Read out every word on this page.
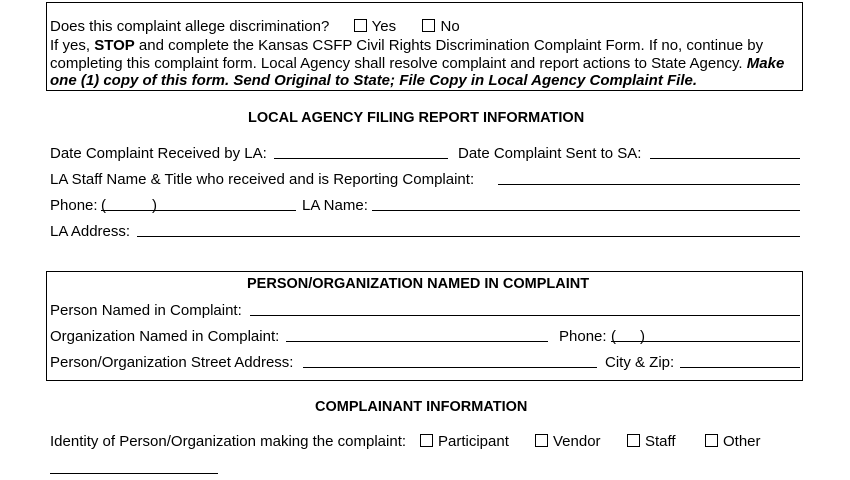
Does this complaint allege discrimination?	Yes	No
If yes, STOP and complete the Kansas CSFP Civil Rights Discrimination Complaint Form. If no, continue by
completing this complaint form. Local Agency shall resolve complaint and report actions to State Agency. Make
one (1) copy of this form. Send Original to State; File Copy in Local Agency Complaint File.
LOCAL AGENCY FILING REPORT INFORMATION
Date Complaint Received by LA:	Date Complaint Sent to SA:
LA Staff Name & Title who received and is Reporting Complaint:
Phone: (	)	LA Name:
LA Address:
PERSON/ORGANIZATION NAMED IN COMPLAINT
Person Named in Complaint:
Organization Named in Complaint:	Phone: ( )
Person/Organization Street Address:	City & Zip:
COMPLAINANT INFORMATION
Identity of Person/Organization making the complaint:	Participant	Vendor	Staff	Other
